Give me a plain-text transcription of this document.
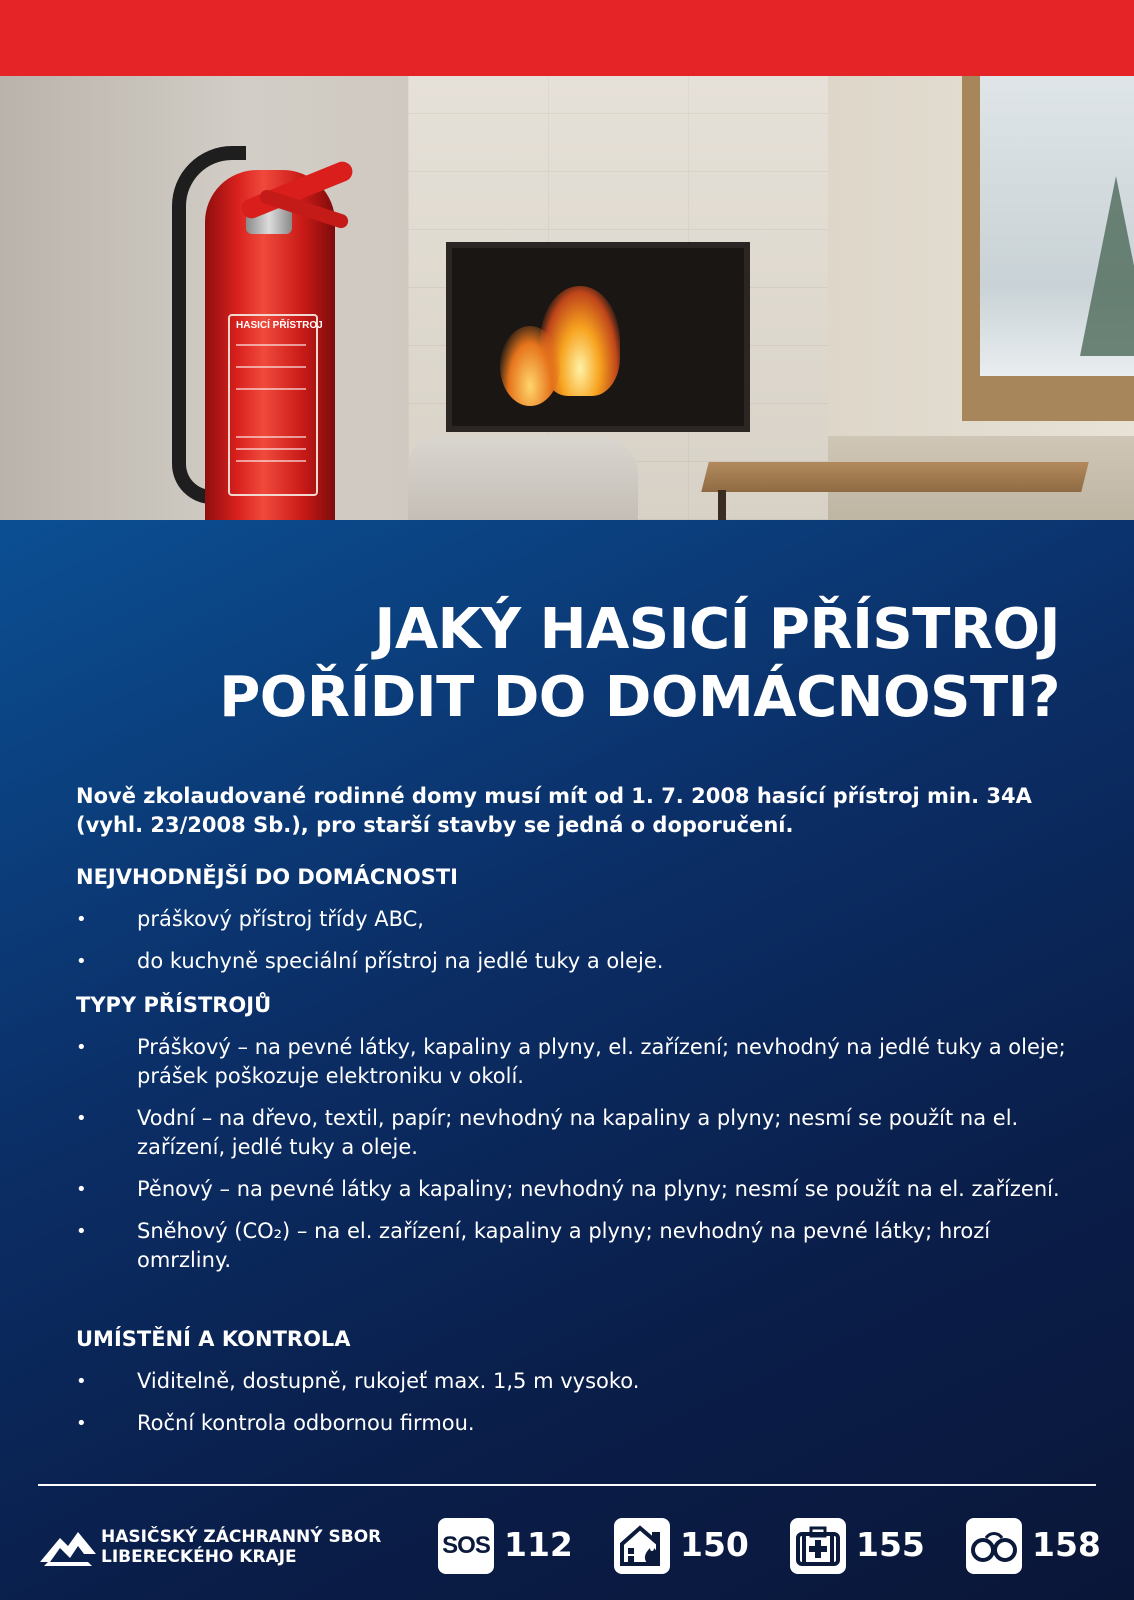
HASICÍ PŘÍSTROJ
JAKÝ HASICÍ PŘÍSTROJ
POŘÍDIT DO DOMÁCNOSTI?
Nově zkolaudované rodinné domy musí mít od 1. 7. 2008 hasící přístroj min. 34A (vyhl. 23/2008 Sb.), pro starší stavby se jedná o doporučení.
NEJVHODNĚJŠÍ DO DOMÁCNOSTI
• práškový přístroj třídy ABC,
• do kuchyně speciální přístroj na jedlé tuky a oleje.
TYPY PŘÍSTROJŮ
• Práškový – na pevné látky, kapaliny a plyny, el. zařízení; nevhodný na jedlé tuky a oleje; prášek poškozuje elektroniku v okolí.
• Vodní – na dřevo, textil, papír; nevhodný na kapaliny a plyny; nesmí se použít na el. zařízení, jedlé tuky a oleje.
• Pěnový – na pevné látky a kapaliny; nevhodný na plyny; nesmí se použít na el. zařízení.
• Sněhový (CO₂) – na el. zařízení, kapaliny a plyny; nevhodný na pevné látky; hrozí omrzliny.
UMÍSTĚNÍ A KONTROLA
• Viditelně, dostupně, rukojeť max. 1,5 m vysoko.
• Roční kontrola odbornou firmou.
HASIČSKÝ ZÁCHRANNÝ SBOR
LIBERECKÉHO KRAJE	SOS 112	150	155	158
